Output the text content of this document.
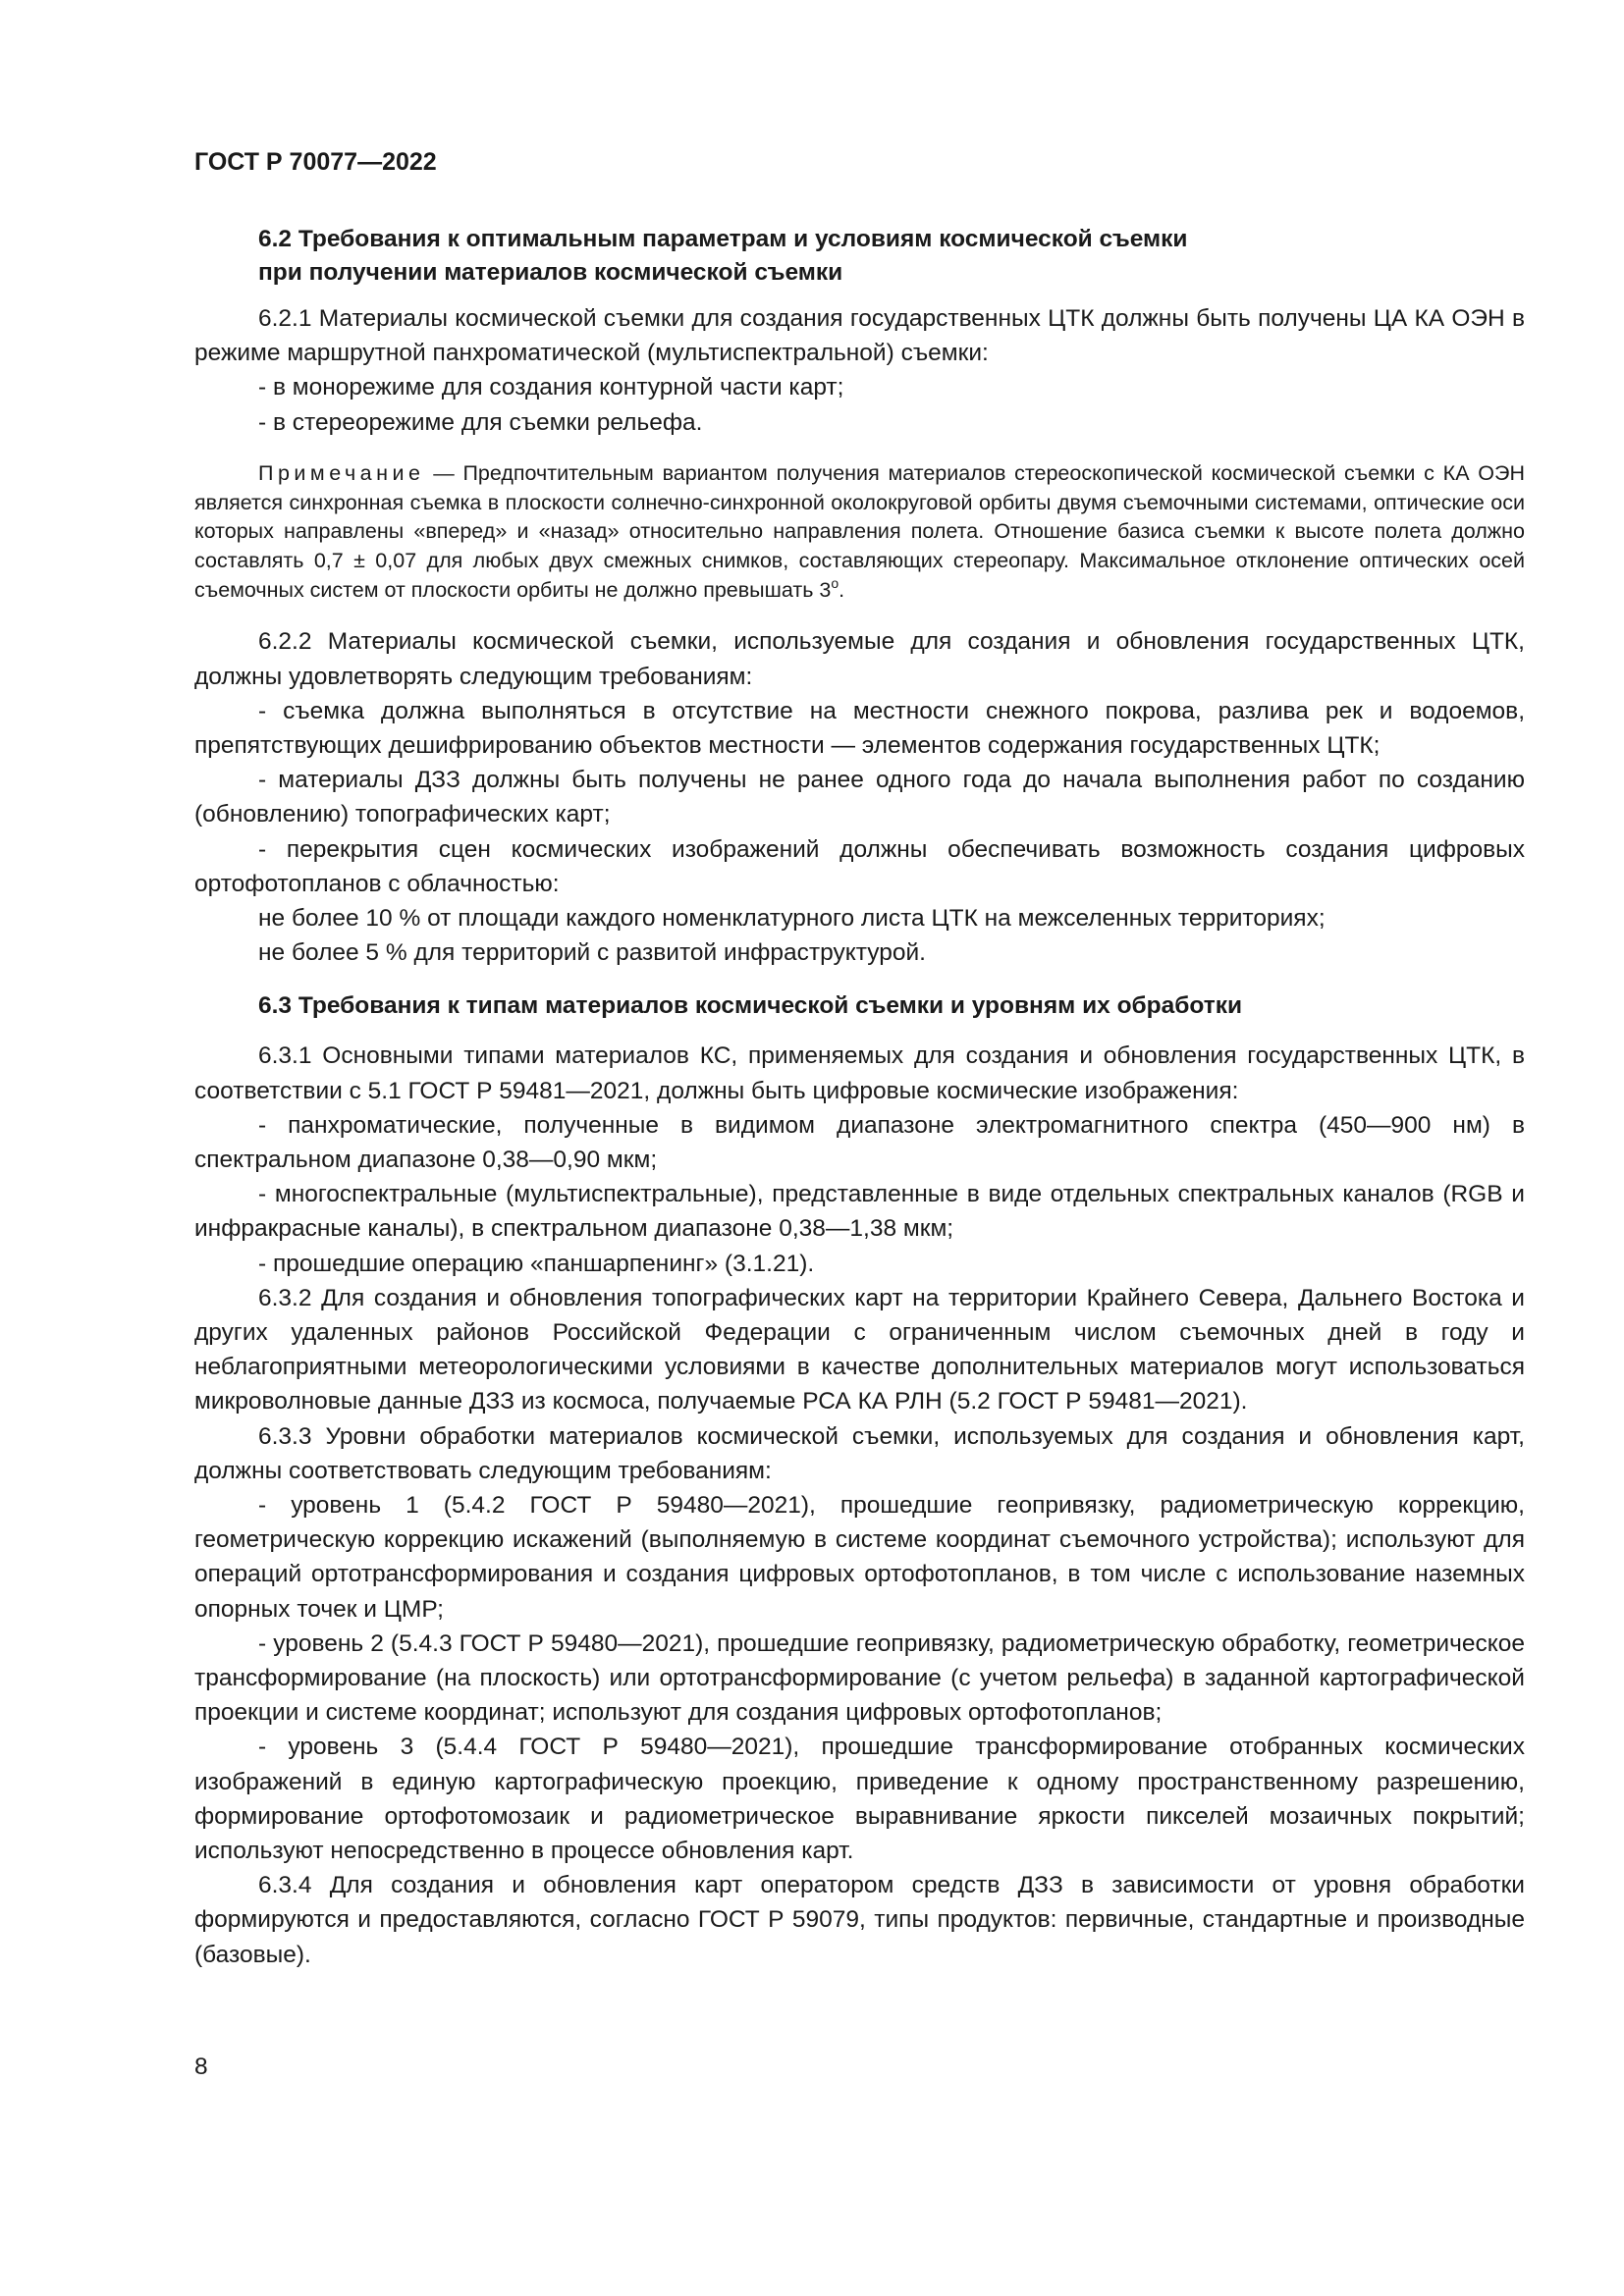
ГОСТ Р 70077—2022
6.2 Требования к оптимальным параметрам и условиям космической съемки
при получении материалов космической съемки

6.2.1 Материалы космической съемки для создания государственных ЦТК должны быть получены ЦА КА ОЭН в режиме маршрутной панхроматической (мультиспектральной) съемки:

- в монорежиме для создания контурной части карт;

- в стереорежиме для съемки рельефа.

Примечание — Предпочтительным вариантом получения материалов стереоскопической космической съемки с КА ОЭН является синхронная съемка в плоскости солнечно-синхронной околокруговой орбиты двумя съемочными системами, оптические оси которых направлены «вперед» и «назад» относительно направления полета. Отношение базиса съемки к высоте полета должно составлять 0,7 ± 0,07 для любых двух смежных снимков, составляющих стереопару. Максимальное отклонение оптических осей съемочных систем от плоскости орбиты не должно превышать $3^о$.

6.2.2 Материалы космической съемки, используемые для создания и обновления государственных ЦТК, должны удовлетворять следующим требованиям:

- съемка должна выполняться в отсутствие на местности снежного покрова, разлива рек и водоемов, препятствующих дешифрированию объектов местности — элементов содержания государственных ЦТК;

- материалы ДЗЗ должны быть получены не ранее одного года до начала выполнения работ по созданию (обновлению) топографических карт;

- перекрытия сцен космических изображений должны обеспечивать возможность создания цифровых ортофотопланов с облачностью:

не более 10 % от площади каждого номенклатурного листа ЦТК на межселенных территориях;

не более 5 % для территорий с развитой инфраструктурой.

6.3 Требования к типам материалов космической съемки и уровням их обработки

6.3.1 Основными типами материалов КС, применяемых для создания и обновления государственных ЦТК, в соответствии с 5.1 ГОСТ Р 59481—2021, должны быть цифровые космические изображения:

- панхроматические, полученные в видимом диапазоне электромагнитного спектра (450—900 нм) в спектральном диапазоне 0,38—0,90 мкм;

- многоспектральные (мультиспектральные), представленные в виде отдельных спектральных каналов (RGB и инфракрасные каналы), в спектральном диапазоне 0,38—1,38 мкм;

- прошедшие операцию «паншарпенинг» (3.1.21).

6.3.2 Для создания и обновления топографических карт на территории Крайнего Севера, Дальнего Востока и других удаленных районов Российской Федерации с ограниченным числом съемочных дней в году и неблагоприятными метеорологическими условиями в качестве дополнительных материалов могут использоваться микроволновые данные ДЗЗ из космоса, получаемые РСА КА РЛН (5.2 ГОСТ Р 59481—2021).

6.3.3 Уровни обработки материалов космической съемки, используемых для создания и обновления карт, должны соответствовать следующим требованиям:

- уровень 1 (5.4.2 ГОСТ Р 59480—2021), прошедшие геопривязку, радиометрическую коррекцию, геометрическую коррекцию искажений (выполняемую в системе координат съемочного устройства); используют для операций ортотрансформирования и создания цифровых ортофотопланов, в том числе с использование наземных опорных точек и ЦМР;

- уровень 2 (5.4.3 ГОСТ Р 59480—2021), прошедшие геопривязку, радиометрическую обработку, геометрическое трансформирование (на плоскость) или ортотрансформирование (с учетом рельефа) в заданной картографической проекции и системе координат; используют для создания цифровых ортофотопланов;

- уровень 3 (5.4.4 ГОСТ Р 59480—2021), прошедшие трансформирование отобранных космических изображений в единую картографическую проекцию, приведение к одному пространственному разрешению, формирование ортофотомозаик и радиометрическое выравнивание яркости пикселей мозаичных покрытий; используют непосредственно в процессе обновления карт.

6.3.4 Для создания и обновления карт оператором средств ДЗЗ в зависимости от уровня обработки формируются и предоставляются, согласно ГОСТ Р 59079, типы продуктов: первичные, стандартные и производные (базовые).

8
